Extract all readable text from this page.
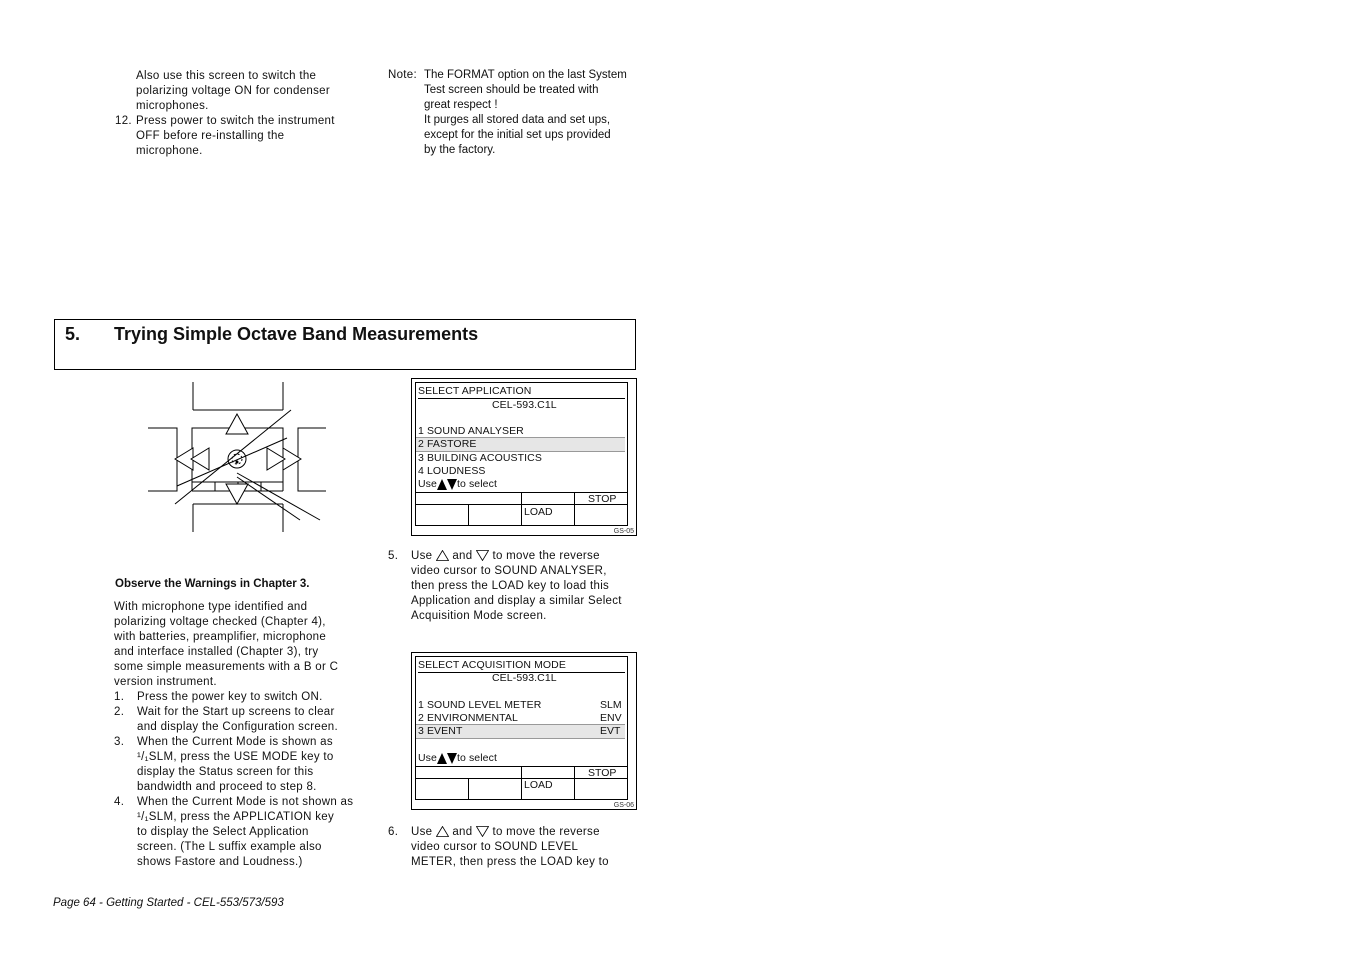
Also use this screen to switch the
polarizing voltage ON for condenser
microphones.
12. Press power to switch the instrument
OFF before re-installing the
microphone.
Note: The FORMAT option on the last System
Test screen should be treated with
great respect !
It purges all stored data and set ups,
except for the initial set ups provided
by the factory.
5. Trying Simple Octave Band Measurements
SELECT APPLICATION
CEL-593.C1L
1 SOUND ANALYSER
2 FASTORE
3 BUILDING ACOUSTICS
4 LOUDNESS
Use to select
STOP
LOAD
GS-05
Observe the Warnings in Chapter 3.
With microphone type identified and
polarizing voltage checked (Chapter 4),
with batteries, preamplifier, microphone
and interface installed (Chapter 3), try
some simple measurements with a B or C
version instrument.
1. Press the power key to switch ON.
2. Wait for the Start up screens to clear
and display the Configuration screen.
3. When the Current Mode is shown as
¹/₁SLM, press the USE MODE key to
display the Status screen for this
bandwidth and proceed to step 8.
4. When the Current Mode is not shown as
¹/₁SLM, press the APPLICATION key
to display the Select Application
screen. (The L suffix example also
shows Fastore and Loudness.)
5. Use and to move the reverse
video cursor to SOUND ANALYSER,
then press the LOAD key to load this
Application and display a similar Select
Acquisition Mode screen.
SELECT ACQUISITION MODE
CEL-593.C1L
1 SOUND LEVEL METER	SLM
2 ENVIRONMENTAL	ENV
3 EVENT	EVT
Use to select
STOP
LOAD
GS-06
6. Use and to move the reverse
video cursor to SOUND LEVEL
METER, then press the LOAD key to
Page 64 - Getting Started - CEL-553/573/593
